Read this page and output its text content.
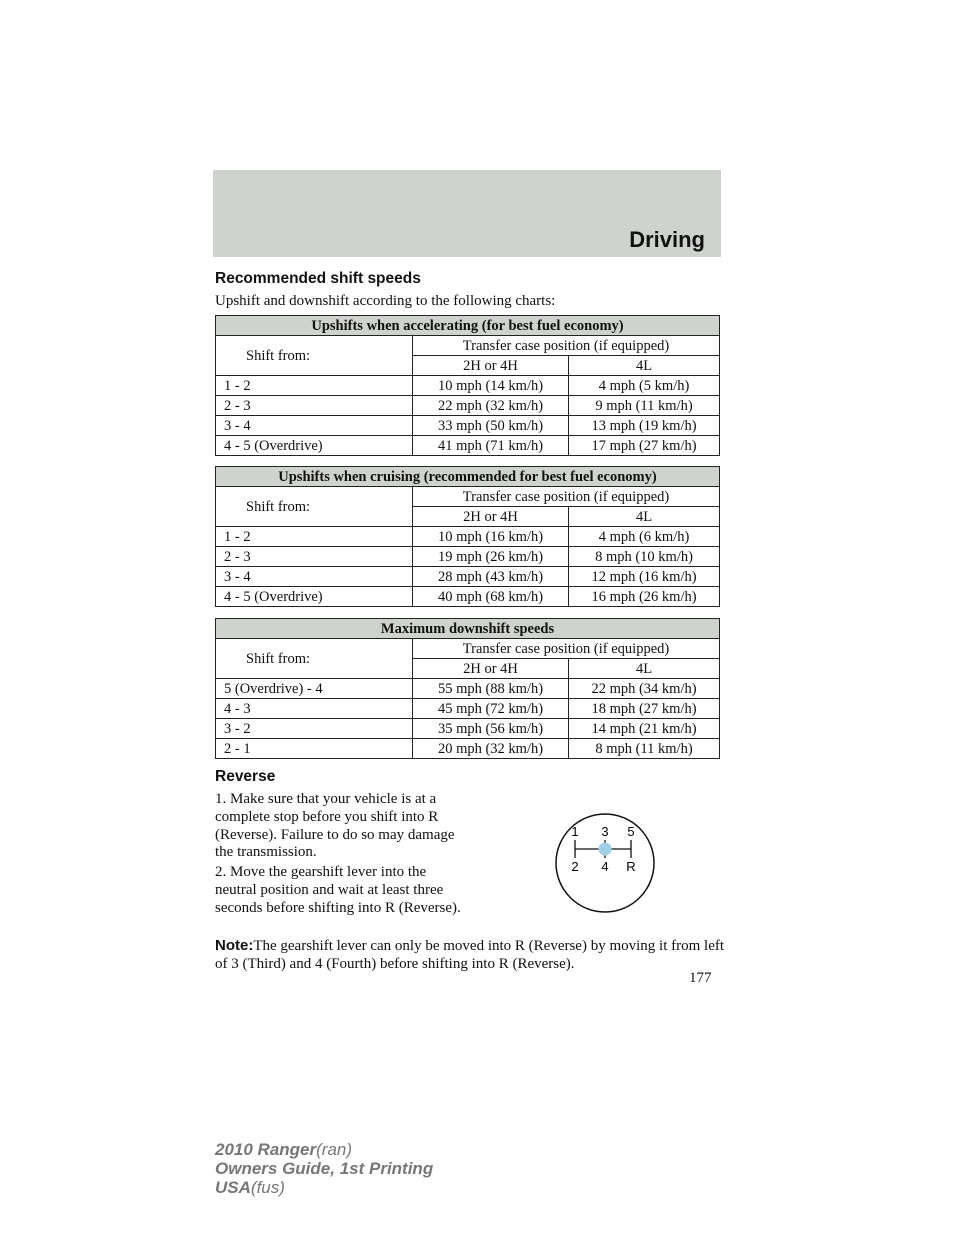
Driving
Recommended shift speeds
Upshift and downshift according to the following charts:
Upshifts when accelerating (for best fuel economy)		
Shift from:	Transfer case position (if equipped)	
	2H or 4H	4L
1 - 2	10 mph (14 km/h)	4 mph (5 km/h)
2 - 3	22 mph (32 km/h)	9 mph (11 km/h)
3 - 4	33 mph (50 km/h)	13 mph (19 km/h)
4 - 5 (Overdrive)	41 mph (71 km/h)	17 mph (27 km/h)
Upshifts when cruising (recommended for best fuel economy)		
Shift from:	Transfer case position (if equipped)	
	2H or 4H	4L
1 - 2	10 mph (16 km/h)	4 mph (6 km/h)
2 - 3	19 mph (26 km/h)	8 mph (10 km/h)
3 - 4	28 mph (43 km/h)	12 mph (16 km/h)
4 - 5 (Overdrive)	40 mph (68 km/h)	16 mph (26 km/h)
Maximum downshift speeds		
Shift from:	Transfer case position (if equipped)	
	2H or 4H	4L
5 (Overdrive) - 4	55 mph (88 km/h)	22 mph (34 km/h)
4 - 3	45 mph (72 km/h)	18 mph (27 km/h)
3 - 2	35 mph (56 km/h)	14 mph (21 km/h)
2 - 1	20 mph (32 km/h)	8 mph (11 km/h)
Reverse
1. Make sure that your vehicle is at a complete stop before you shift into R (Reverse). Failure to do so may damage the transmission.
2. Move the gearshift lever into the neutral position and wait at least three seconds before shifting into R (Reverse).
Note:The gearshift lever can only be moved into R (Reverse) by moving it from left of 3 (Third) and 4 (Fourth) before shifting into R (Reverse).
1 3 5
2 4 R
177
2010 Ranger(ran)
Owners Guide, 1st Printing
USA(fus)
